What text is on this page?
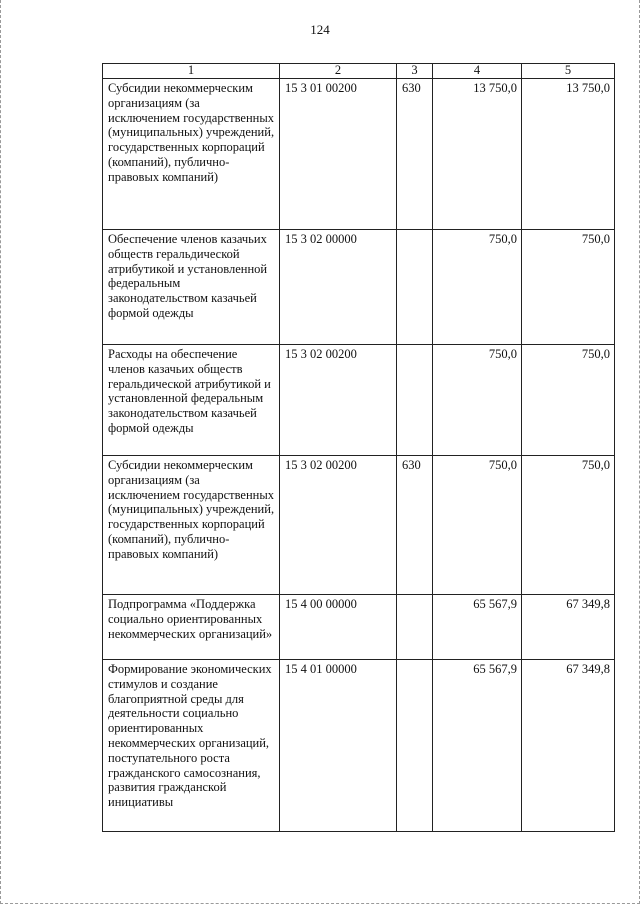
124
1	2	3	4	5
Субсидии некоммерческим организациям (за исключением государственных (муниципальных) учреждений, государственных корпораций (компаний), публично-правовых компаний)	15 3 01 00200	630	13 750,0	13 750,0
Обеспечение членов казачьих обществ геральдической атрибутикой и установленной федеральным законодательством казачьей формой одежды	15 3 02 00000		750,0	750,0
Расходы на обеспечение членов казачьих обществ геральдической атрибутикой и установленной федеральным законодательством казачьей формой одежды	15 3 02 00200		750,0	750,0
Субсидии некоммерческим организациям (за исключением государственных (муниципальных) учреждений, государственных корпораций (компаний), публично-правовых компаний)	15 3 02 00200	630	750,0	750,0
Подпрограмма «Поддержка социально ориентированных некоммерческих организаций»	15 4 00 00000		65 567,9	67 349,8
Формирование экономических стимулов и создание благоприятной среды для деятельности социально ориентированных некоммерческих организаций, поступательного роста гражданского самосознания, развития гражданской инициативы	15 4 01 00000		65 567,9	67 349,8
